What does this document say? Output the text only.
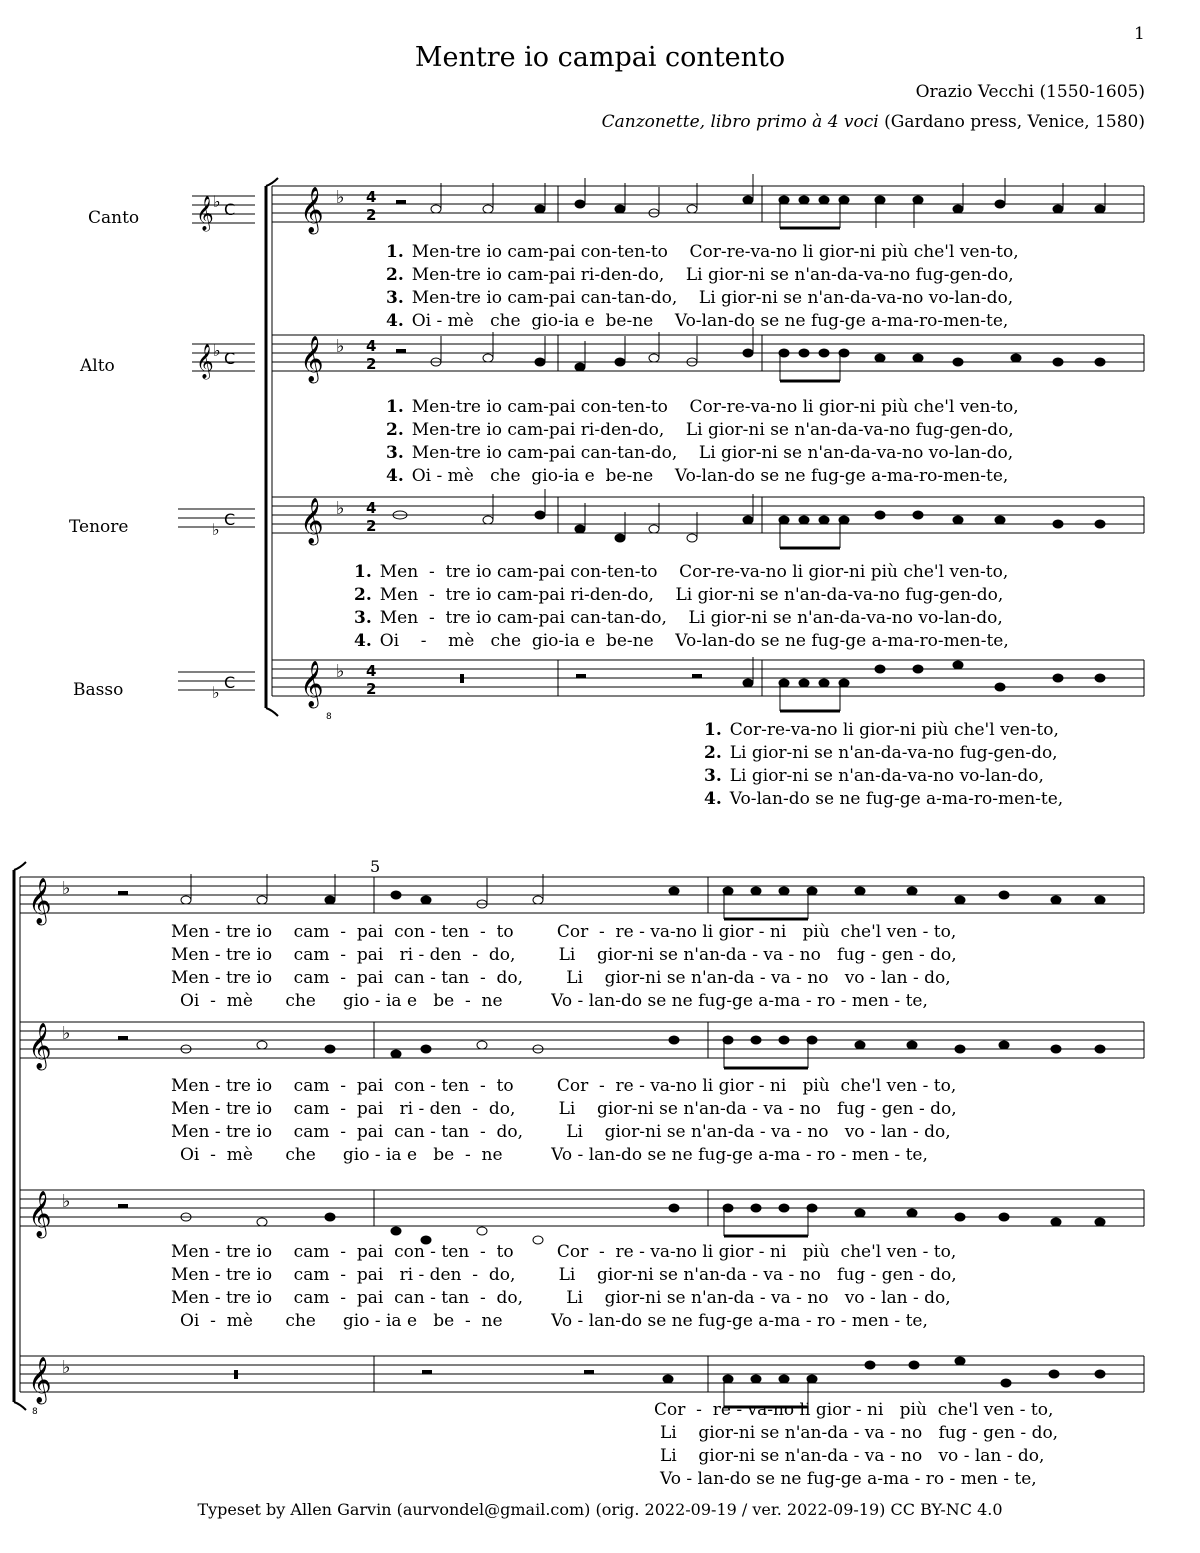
1
Mentre io campai contento
Orazio Vecchi (1550-1605)
Canzonette, libro primo à 4 voci (Gardano press, Venice, 1580)
Canto
Alto
Tenore
Basso
𝄞 ♭ C
𝄞 ♭ C
♭
C
♭
C
𝄞
𝄞
𝄞
𝄞
8
♭
♭
♭
♭
4
2
4
2
4
2
4
2
𝄞
𝄞
𝄞
𝄞
8
♭
♭
♭
♭
5
1. Men-tre io cam-pai con-ten-to    Cor-re-va-no li gior-ni più che'l ven-to,
2. Men-tre io cam-pai ri-den-do,    Li gior-ni se n'an-da-va-no fug-gen-do,
3. Men-tre io cam-pai can-tan-do,    Li gior-ni se n'an-da-va-no vo-lan-do,
4. Oi - mè   che  gio-ia e  be-ne    Vo-lan-do se ne fug-ge a-ma-ro-men-te,
1. Men-tre io cam-pai con-ten-to    Cor-re-va-no li gior-ni più che'l ven-to,
2. Men-tre io cam-pai ri-den-do,    Li gior-ni se n'an-da-va-no fug-gen-do,
3. Men-tre io cam-pai can-tan-do,    Li gior-ni se n'an-da-va-no vo-lan-do,
4. Oi - mè   che  gio-ia e  be-ne    Vo-lan-do se ne fug-ge a-ma-ro-men-te,
1. Men  -  tre io cam-pai con-ten-to    Cor-re-va-no li gior-ni più che'l ven-to,
2. Men  -  tre io cam-pai ri-den-do,    Li gior-ni se n'an-da-va-no fug-gen-do,
3. Men  -  tre io cam-pai can-tan-do,    Li gior-ni se n'an-da-va-no vo-lan-do,
4. Oi    -    mè   che  gio-ia e  be-ne    Vo-lan-do se ne fug-ge a-ma-ro-men-te,
1. Cor-re-va-no li gior-ni più che'l ven-to,
2. Li gior-ni se n'an-da-va-no fug-gen-do,
3. Li gior-ni se n'an-da-va-no vo-lan-do,
4. Vo-lan-do se ne fug-ge a-ma-ro-men-te,
Men - tre io    cam  -  pai  con - ten  -  to        Cor  -  re - va-no li gior - ni   più  che'l ven - to,
Men - tre io    cam  -  pai   ri - den  -  do,        Li    gior-ni se n'an-da - va - no   fug - gen - do,
Men - tre io    cam  -  pai  can - tan  -  do,        Li    gior-ni se n'an-da - va - no   vo - lan - do,
Oi  -  mè      che     gio - ia e   be  -  ne         Vo - lan-do se ne fug-ge a-ma - ro - men - te,
Men - tre io    cam  -  pai  con - ten  -  to        Cor  -  re - va-no li gior - ni   più  che'l ven - to,
Men - tre io    cam  -  pai   ri - den  -  do,        Li    gior-ni se n'an-da - va - no   fug - gen - do,
Men - tre io    cam  -  pai  can - tan  -  do,        Li    gior-ni se n'an-da - va - no   vo - lan - do,
Oi  -  mè      che     gio - ia e   be  -  ne         Vo - lan-do se ne fug-ge a-ma - ro - men - te,
Men - tre io    cam  -  pai  con - ten  -  to        Cor  -  re - va-no li gior - ni   più  che'l ven - to,
Men - tre io    cam  -  pai   ri - den  -  do,        Li    gior-ni se n'an-da - va - no   fug - gen - do,
Men - tre io    cam  -  pai  can - tan  -  do,        Li    gior-ni se n'an-da - va - no   vo - lan - do,
Oi  -  mè      che     gio - ia e   be  -  ne         Vo - lan-do se ne fug-ge a-ma - ro - men - te,
Cor  -  re - va-no li gior - ni   più  che'l ven - to,
Li    gior-ni se n'an-da - va - no   fug - gen - do,
Li    gior-ni se n'an-da - va - no   vo - lan - do,
Vo - lan-do se ne fug-ge a-ma - ro - men - te,
Typeset by Allen Garvin (aurvondel@gmail.com) (orig. 2022-09-19 / ver. 2022-09-19) CC BY-NC 4.0
